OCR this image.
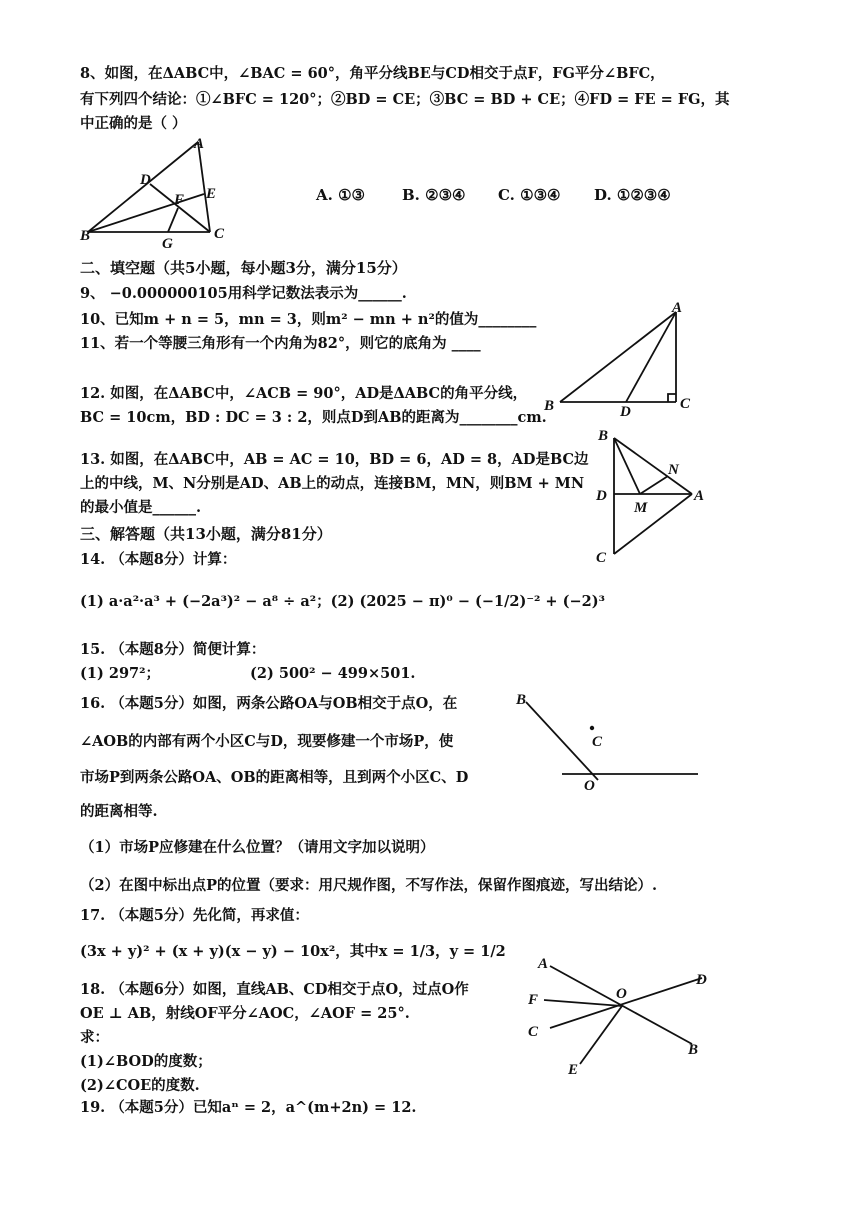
8、如图，在ΔABC中，∠BAC = 60°，角平分线BE与CD相交于点F，FG平分∠BFC，
有下列四个结论：①∠BFC = 120°；②BD = CE；③BC = BD + CE；④FD = FE = FG，其
中正确的是（ ）
A
D
F E
B	G
C
A. ①③ B. ②③④ C. ①③④ D. ①②③④
二、填空题（共5小题，每小题3分，满分15分）
9、 −0.000000105用科学记数法表示为______.
10、已知m + n = 5，mn = 3，则m² − mn + n²的值为________
11、若一个等腰三角形有一个内角为82°，则它的底角为 ____
A
B	D	C
12. 如图，在ΔABC中，∠ACB = 90°，AD是ΔABC的角平分线，
BC = 10cm，BD : DC = 3 : 2，则点D到AB的距离为________cm.
B
N
D
M
A
C
13. 如图，在ΔABC中，AB = AC = 10，BD = 6，AD = 8，AD是BC边
上的中线，M、N分别是AD、AB上的动点，连接BM，MN，则BM + MN
的最小值是______.
三、解答题（共13小题，满分81分）
14. （本题8分）计算：
(1) a·a²·a³ + (−2a³)² − a⁸ ÷ a²；(2) (2025 − π)⁰ − (−1/2)⁻² + (−2)³
15. （本题8分）简便计算：
(1) 297²；	(2) 500² − 499×501.
16. （本题5分）如图，两条公路OA与OB相交于点O，在
∠AOB的内部有两个小区C与D，现要修建一个市场P，使
市场P到两条公路OA、OB的距离相等，且到两个小区C、D
的距离相等.
B
C
O
（1）市场P应修建在什么位置？（请用文字加以说明）
（2）在图中标出点P的位置（要求：用尺规作图，不写作法，保留作图痕迹，写出结论）.
17. （本题5分）先化简，再求值：
(3x + y)² + (x + y)(x − y) − 10x²，其中x = 1/3，y = 1/2
18. （本题6分）如图，直线AB、CD相交于点O，过点O作
OE ⊥ AB，射线OF平分∠AOC，∠AOF = 25°.
求：
(1)∠BOD的度数；
(2)∠COE的度数.
A
D
F	O
C
B
E
19. （本题5分）已知aⁿ = 2，a^(m+2n) = 12.
